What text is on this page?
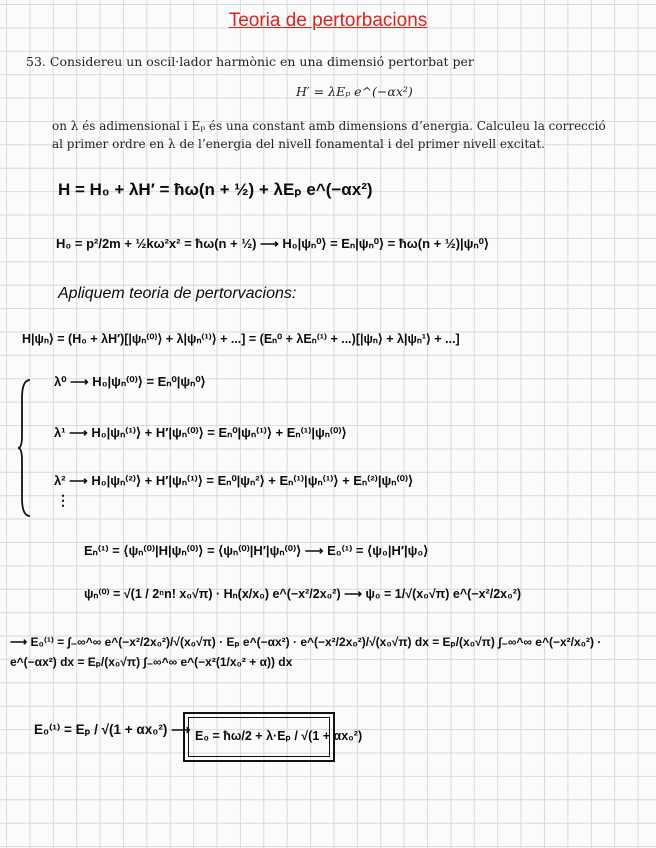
Teoria de pertorbacions
53. Considereu un oscil·lador harmònic en una dimensió pertorbat per
H′ = λEₚ e^(−αx²)
on λ és adimensional i Eₚ és una constant amb dimensions d’energia. Calculeu la correcció
al primer ordre en λ de l’energia del nivell fonamental i del primer nivell excitat.
H = H₀ + λH′ = ħω(n + ½) + λEₚ e^(−αx²)
H₀ = p²/2m + ½kω²x² = ħω(n + ½) ⟶ H₀|ψₙ⁰⟩ = Eₙ|ψₙ⁰⟩ = ħω(n + ½)|ψₙ⁰⟩
Apliquem teoria de pertorvacions:
H|ψₙ⟩ = (H₀ + λH′)[|ψₙ⁽⁰⁾⟩ + λ|ψₙ⁽¹⁾⟩ + ...] = (Eₙ⁰ + λEₙ⁽¹⁾ + ...)[|ψₙ⟩ + λ|ψₙ¹⟩ + ...]
λ⁰ ⟶ H₀|ψₙ⁽⁰⁾⟩ = Eₙ⁰|ψₙ⁰⟩
λ¹ ⟶ H₀|ψₙ⁽¹⁾⟩ + H′|ψₙ⁽⁰⁾⟩ = Eₙ⁰|ψₙ⁽¹⁾⟩ + Eₙ⁽¹⁾|ψₙ⁽⁰⁾⟩
λ² ⟶ H₀|ψₙ⁽²⁾⟩ + H′|ψₙ⁽¹⁾⟩ = Eₙ⁰|ψₙ²⟩ + Eₙ⁽¹⁾|ψₙ⁽¹⁾⟩ + Eₙ⁽²⁾|ψₙ⁽⁰⁾⟩
⋮
Eₙ⁽¹⁾ = ⟨ψₙ⁽⁰⁾|H|ψₙ⁽⁰⁾⟩ = ⟨ψₙ⁽⁰⁾|H′|ψₙ⁽⁰⁾⟩ ⟶ E₀⁽¹⁾ = ⟨ψ₀|H′|ψ₀⟩
ψₙ⁽⁰⁾ = √(1 / 2ⁿn! x₀√π) · Hₙ(x/x₀) e^(−x²/2x₀²) ⟶ ψ₀ = 1/√(x₀√π) e^(−x²/2x₀²)
⟶ E₀⁽¹⁾ = ∫₋∞^∞ e^(−x²/2x₀²)/√(x₀√π) · Eₚ e^(−αx²) · e^(−x²/2x₀²)/√(x₀√π) dx = Eₚ/(x₀√π) ∫₋∞^∞ e^(−x²/x₀²) · e^(−αx²) dx = Eₚ/(x₀√π) ∫₋∞^∞ e^(−x²(1/x₀² + α)) dx
E₀⁽¹⁾ = Eₚ / √(1 + αx₀²) ⟶ E₀ = ħω/2 + λ·Eₚ / √(1 + αx₀²)
